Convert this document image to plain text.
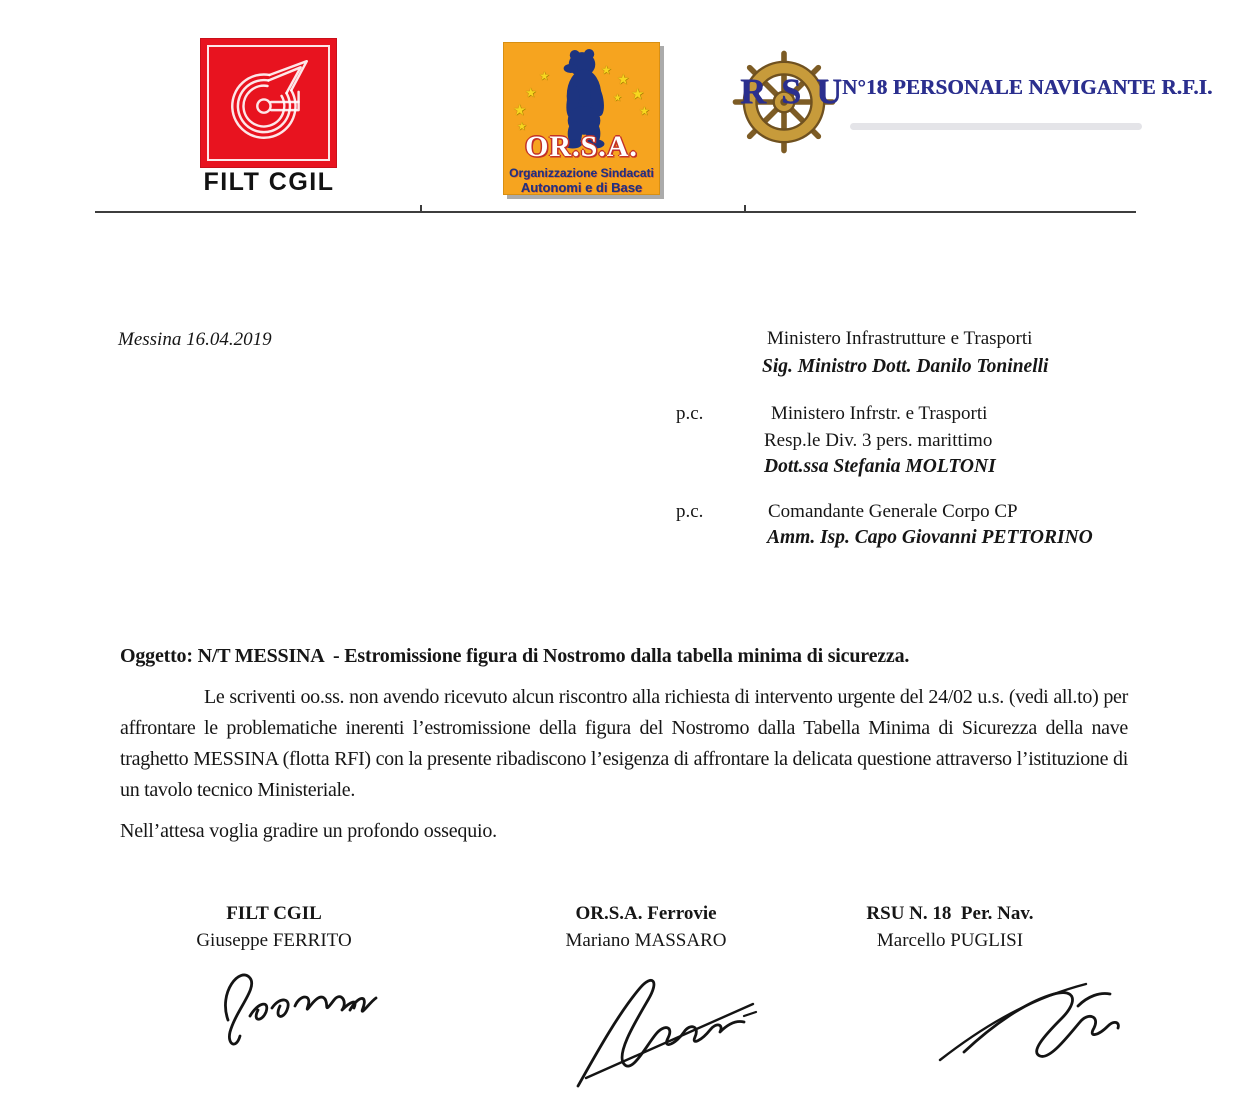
FILT CGIL
★
★
★
★
★
★
★
★
★
OR.S.A.
Organizzazione Sindacati
Autonomi e di Base
R S U
N°18 PERSONALE NAVIGANTE R.F.I.
Messina 16.04.2019	Ministero Infrastrutture e Trasporti
Sig. Ministro Dott. Danilo Toninelli
p.c.	Ministero Infrstr. e Trasporti
Resp.le Div. 3 pers. marittimo
Dott.ssa Stefania MOLTONI
p.c.	Comandante Generale Corpo CP
Amm. Isp. Capo Giovanni PETTORINO
Oggetto: N/T MESSINA  - Estromissione figura di Nostromo dalla tabella minima di sicurezza.
Le scriventi oo.ss. non avendo ricevuto alcun riscontro alla richiesta di intervento urgente del 24/02 u.s. (vedi all.to) per affrontare le problematiche inerenti l’estromissione della figura del Nostromo dalla Tabella Minima di Sicurezza della nave traghetto MESSINA (flotta RFI) con la presente ribadiscono l’esigenza di affrontare la delicata questione attraverso l’istituzione di un tavolo tecnico Ministeriale.
Nell’attesa voglia gradire un profondo ossequio.
FILT CGIL
Giuseppe FERRITO
OR.S.A. Ferrovie
Mariano MASSARO
RSU N. 18  Per. Nav.
Marcello PUGLISI
